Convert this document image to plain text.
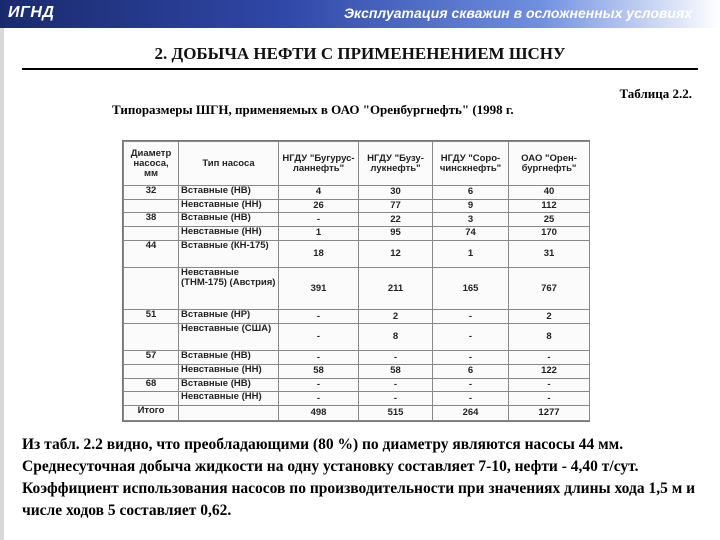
ИГНД	Эксплуатация скважин в осложненных условиях
2. ДОБЫЧА НЕФТИ С ПРИМЕНЕНЕНИЕМ ШСНУ
Таблица 2.2.
Типоразмеры ШГН, применяемых в ОАО "Оренбургнефть" (1998 г.
Диаметр насоса, мм	Тип насоса	НГДУ "Бугурус-ланнефть"	НГДУ "Бузу-лукнефть"	НГДУ "Соро-чинскнефть"	ОАО "Орен-бургнефть"
32	Вставные (НВ)	4	30	6	40
	Невставные (НН)	26	77	9	112
38	Вставные (НВ)	-	22	3	25
	Невставные (НН)	1	95	74	170
44	Вставные (КН-175)	18	12	1	31
	Невставные (ТНМ-175) (Австрия)	391	211	165	767
51	Вставные (НР)	-	2	-	2
	Невставные (США)	-	8	-	8
57	Вставные (НВ)	-	-	-	-
	Невставные (НН)	58	58	6	122
68	Вставные (НВ)	-	-	-	-
	Невставные (НН)	-	-	-	-
Итого		498	515	264	1277
Из табл. 2.2 видно, что преобладающими (80 %) по диаметру являются насосы 44 мм. Среднесуточная добыча жидкости на одну установку составляет 7-10, нефти - 4,40 т/сут. Коэффициент использования насосов по производительности при значениях длины хода 1,5 м и числе ходов 5 составляет 0,62.
